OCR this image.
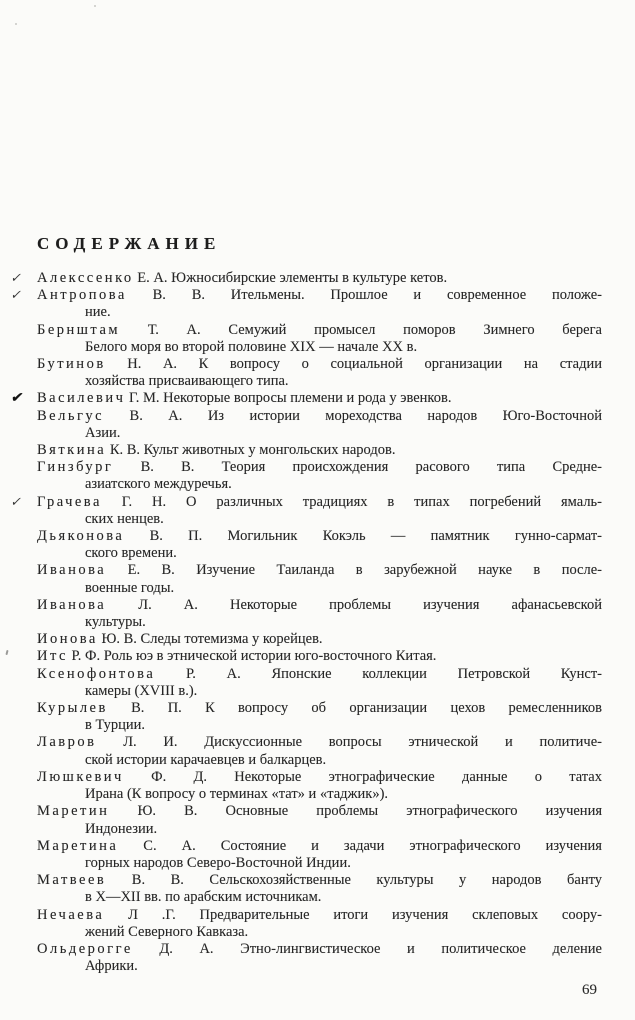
СОДЕРЖАНИЕ
✓ Алекссенко Е. А. Южносибирские элементы в культуре кетов.
✓ Антропова В. В. Ительмены. Прошлое и современное положе-
ние.
Бернштам Т. А. Семужий промысел поморов Зимнего берега
Белого моря во второй половине XIX — начале XX в.
Бутинов Н. А. К вопросу о социальной организации на стадии
хозяйства присваивающего типа.
✔ Василевич Г. М. Некоторые вопросы племени и рода у эвенков.
Вельгус В. А. Из истории мореходства народов Юго-Восточной
Азии.
Вяткина К. В. Культ животных у монгольских народов.
Гинзбург В. В. Теория происхождения расового типа Средне-
азиатского междуречья.
✓ Грачева Г. Н. О различных традициях в типах погребений ямаль-
ских ненцев.
Дьяконова В. П. Могильник Кокэль — памятник гунно-сармат-
ского времени.
Иванова Е. В. Изучение Таиланда в зарубежной науке в после-
военные годы.
Иванова Л. А. Некоторые проблемы изучения афанасьевской
культуры.
Ионова Ю. В. Следы тотемизма у корейцев.
Итс Р. Ф. Роль юэ в этнической истории юго-восточного Китая.
Ксенофонтова Р. А. Японские коллекции Петровской Кунст-
камеры (XVIII в.).
Курылев В. П. К вопросу об организации цехов ремесленников
в Турции.
Лавров Л. И. Дискуссионные вопросы этнической и политиче-
ской истории карачаевцев и балкарцев.
Люшкевич Ф. Д. Некоторые этнографические данные о татах
Ирана (К вопросу о терминах «тат» и «таджик»).
Маретин Ю. В. Основные проблемы этнографического изучения
Индонезии.
Маретина С. А. Состояние и задачи этнографического изучения
горных народов Северо-Восточной Индии.
Матвеев В. В. Сельскохозяйственные культуры у народов банту
в X—XII вв. по арабским источникам.
Нечаева Л .Г. Предварительные итоги изучения склеповых соору-
жений Северного Кавказа.
Ольдерогге Д. А. Этно-лингвистическое и политическое деление
Африки.
69
